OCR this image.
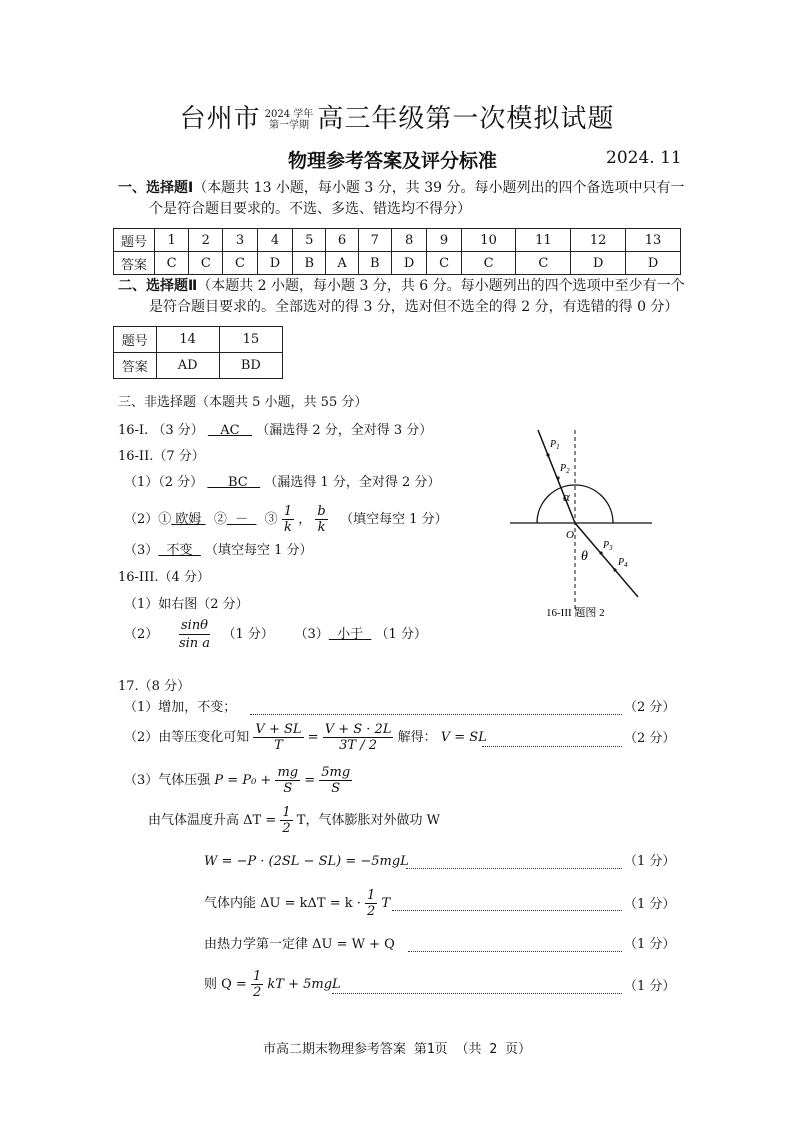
台州市 2024 学年
第一学期 高三年级第一次模拟试题
物理参考答案及评分标准	2024. 11
一、选择题Ⅰ（本题共 13 小题，每小题 3 分，共 39 分。每小题列出的四个备选项中只有一
个是符合题目要求的。不选、多选、错选均不得分）
题号	1	2	3	4	5	6	7	8	9	10	11	12	13
答案	C	C	C	D	B	A	B	D	C	C	C	D	D
二、选择题Ⅱ（本题共 2 小题，每小题 3 分，共 6 分。每小题列出的四个选项中至少有一个
是符合题目要求的。全部选对的得 3 分，选对但不选全的得 2 分，有选错的得 0 分）
题号	14	15
答案	AD	BD
三、非选择题（本题共 5 小题，共 55 分）
16-I. （3 分） AC （漏选得 2 分，全对得 3 分）
16-II.（7 分）
（1）（2 分） BC （漏选得 1 分，全对得 2 分）
（2）① 欧姆 ② － ③ $\frac{1}{k}$ ， $\frac{b}{k}$ （填空每空 1 分）
（3） 不变 （填空每空 1 分）
16-III.（4 分）
（1）如右图（2 分）
$(2) \frac{\sin\theta}{\text{sin a}} (1$ 分） （3） 小于 （1 分）
$P_1$
$P_2$
$P_3$
$P_4$
α
O
θ
16-III 题图 2
17.（8 分）
（1）增加，不变；	（2 分）
（2）由等压变化可知 $\frac{V + SL}{T} = \frac{V + S \cdot 2L}{3T / 2}$ 解得： V = SL	（2 分）
（3）气体压强 $P = P_0 + \frac{mg}{S} = \frac{5mg}{S}$
由气体温度升高 $\Delta T = \frac{1}{2}$ T，气体膨胀对外做功 W
W = −P · (2SL − SL) = −5mgL	（1 分）
气体内能 $\Delta U = k\Delta T = k \cdot \frac{1}{2}$ T	（1 分）
由热力学第一定律 ΔU = W + Q	（1 分）
则 $Q = \frac{1}{2}$ kT + 5mgL	（1 分）
市高二期末物理参考答案 第1页 （共 2 页）
